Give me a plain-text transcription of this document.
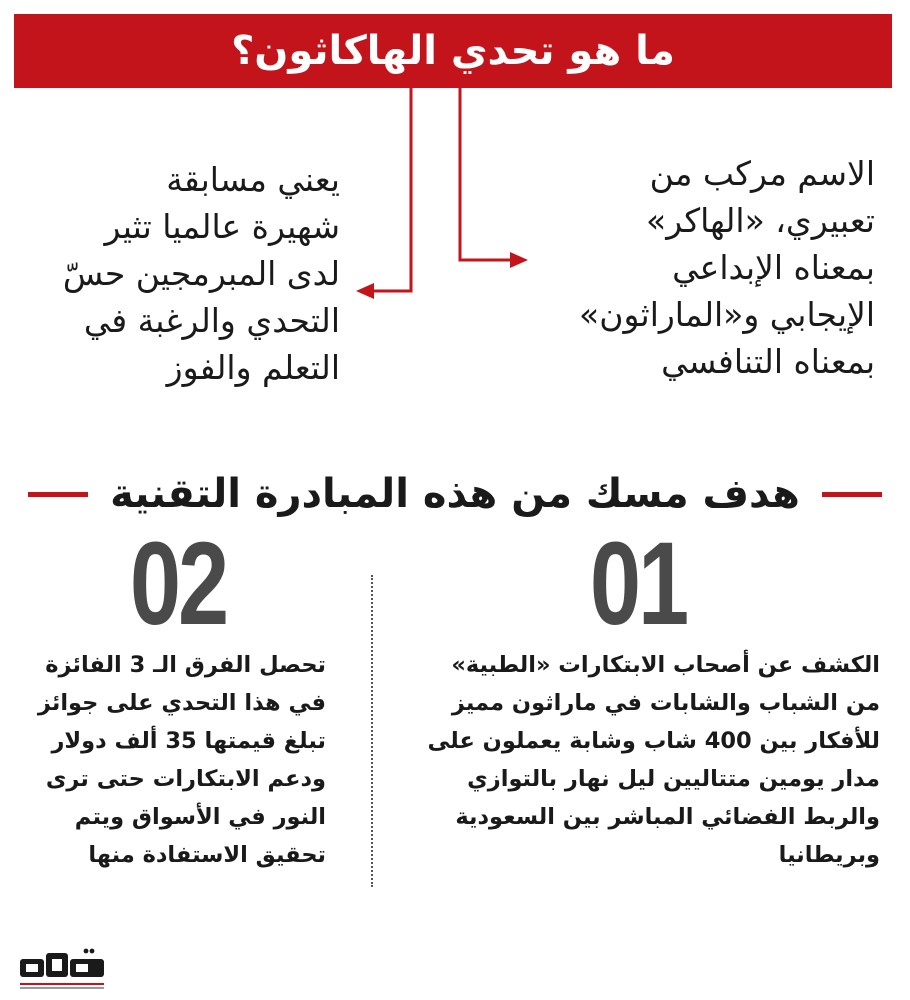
ما هو تحدي الهاكاثون؟
يعني مسابقة
شهيرة عالميا تثير
لدى المبرمجين حسّ
التحدي والرغبة في
التعلم والفوز
الاسم مركب من
تعبيري، «الهاكر»
بمعناه الإبداعي
الإيجابي و«الماراثون»
بمعناه التنافسي
هدف مسك من هذه المبادرة التقنية
01
02
الكشف عن أصحاب الابتكارات «الطبية»
من الشباب والشابات في ماراثون مميز
للأفكار بين 400 شاب وشابة يعملون على
مدار يومين متتاليين ليل نهار بالتوازي
والربط الفضائي المباشر بين السعودية
وبريطانيا
تحصل الفرق الـ 3 الفائزة
في هذا التحدي على جوائز
تبلغ قيمتها 35 ألف دولار
ودعم الابتكارات حتى ترى
النور في الأسواق ويتم
تحقيق الاستفادة منها
